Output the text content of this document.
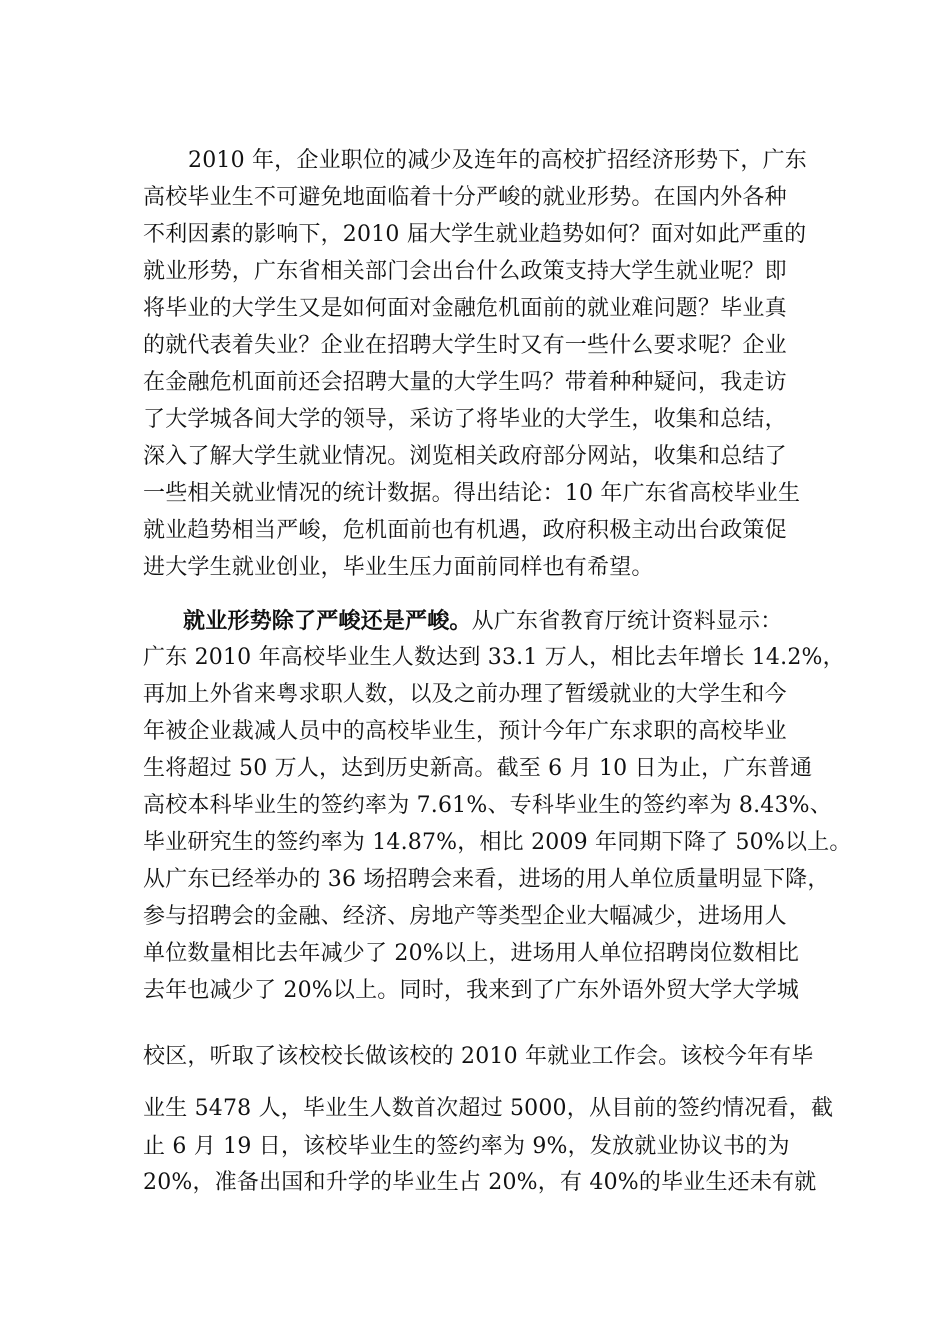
2010 年，企业职位的减少及连年的高校扩招经济形势下，广东
高校毕业生不可避免地面临着十分严峻的就业形势。在国内外各种
不利因素的影响下，2010 届大学生就业趋势如何？面对如此严重的
就业形势，广东省相关部门会出台什么政策支持大学生就业呢？即
将毕业的大学生又是如何面对金融危机面前的就业难问题？毕业真
的就代表着失业？企业在招聘大学生时又有一些什么要求呢？企业
在金融危机面前还会招聘大量的大学生吗？带着种种疑问，我走访
了大学城各间大学的领导，采访了将毕业的大学生，收集和总结，
深入了解大学生就业情况。浏览相关政府部分网站，收集和总结了
一些相关就业情况的统计数据。得出结论：10 年广东省高校毕业生
就业趋势相当严峻，危机面前也有机遇，政府积极主动出台政策促
进大学生就业创业，毕业生压力面前同样也有希望。
就业形势除了严峻还是严峻。从广东省教育厅统计资料显示：
广东 2010 年高校毕业生人数达到 33.1 万人，相比去年增长 14.2%，
再加上外省来粤求职人数，以及之前办理了暂缓就业的大学生和今
年被企业裁减人员中的高校毕业生，预计今年广东求职的高校毕业
生将超过 50 万人，达到历史新高。截至 6 月 10 日为止，广东普通
高校本科毕业生的签约率为 7.61%、专科毕业生的签约率为 8.43%、
毕业研究生的签约率为 14.87%，相比 2009 年同期下降了 50%以上。
从广东已经举办的 36 场招聘会来看，进场的用人单位质量明显下降，
参与招聘会的金融、经济、房地产等类型企业大幅减少，进场用人
单位数量相比去年减少了 20%以上，进场用人单位招聘岗位数相比
去年也减少了 20%以上。同时，我来到了广东外语外贸大学大学城
校区，听取了该校校长做该校的 2010 年就业工作会。该校今年有毕
业生 5478 人，毕业生人数首次超过 5000，从目前的签约情况看，截
止 6 月 19 日，该校毕业生的签约率为 9%，发放就业协议书的为
20%，准备出国和升学的毕业生占 20%，有 40%的毕业生还未有就
